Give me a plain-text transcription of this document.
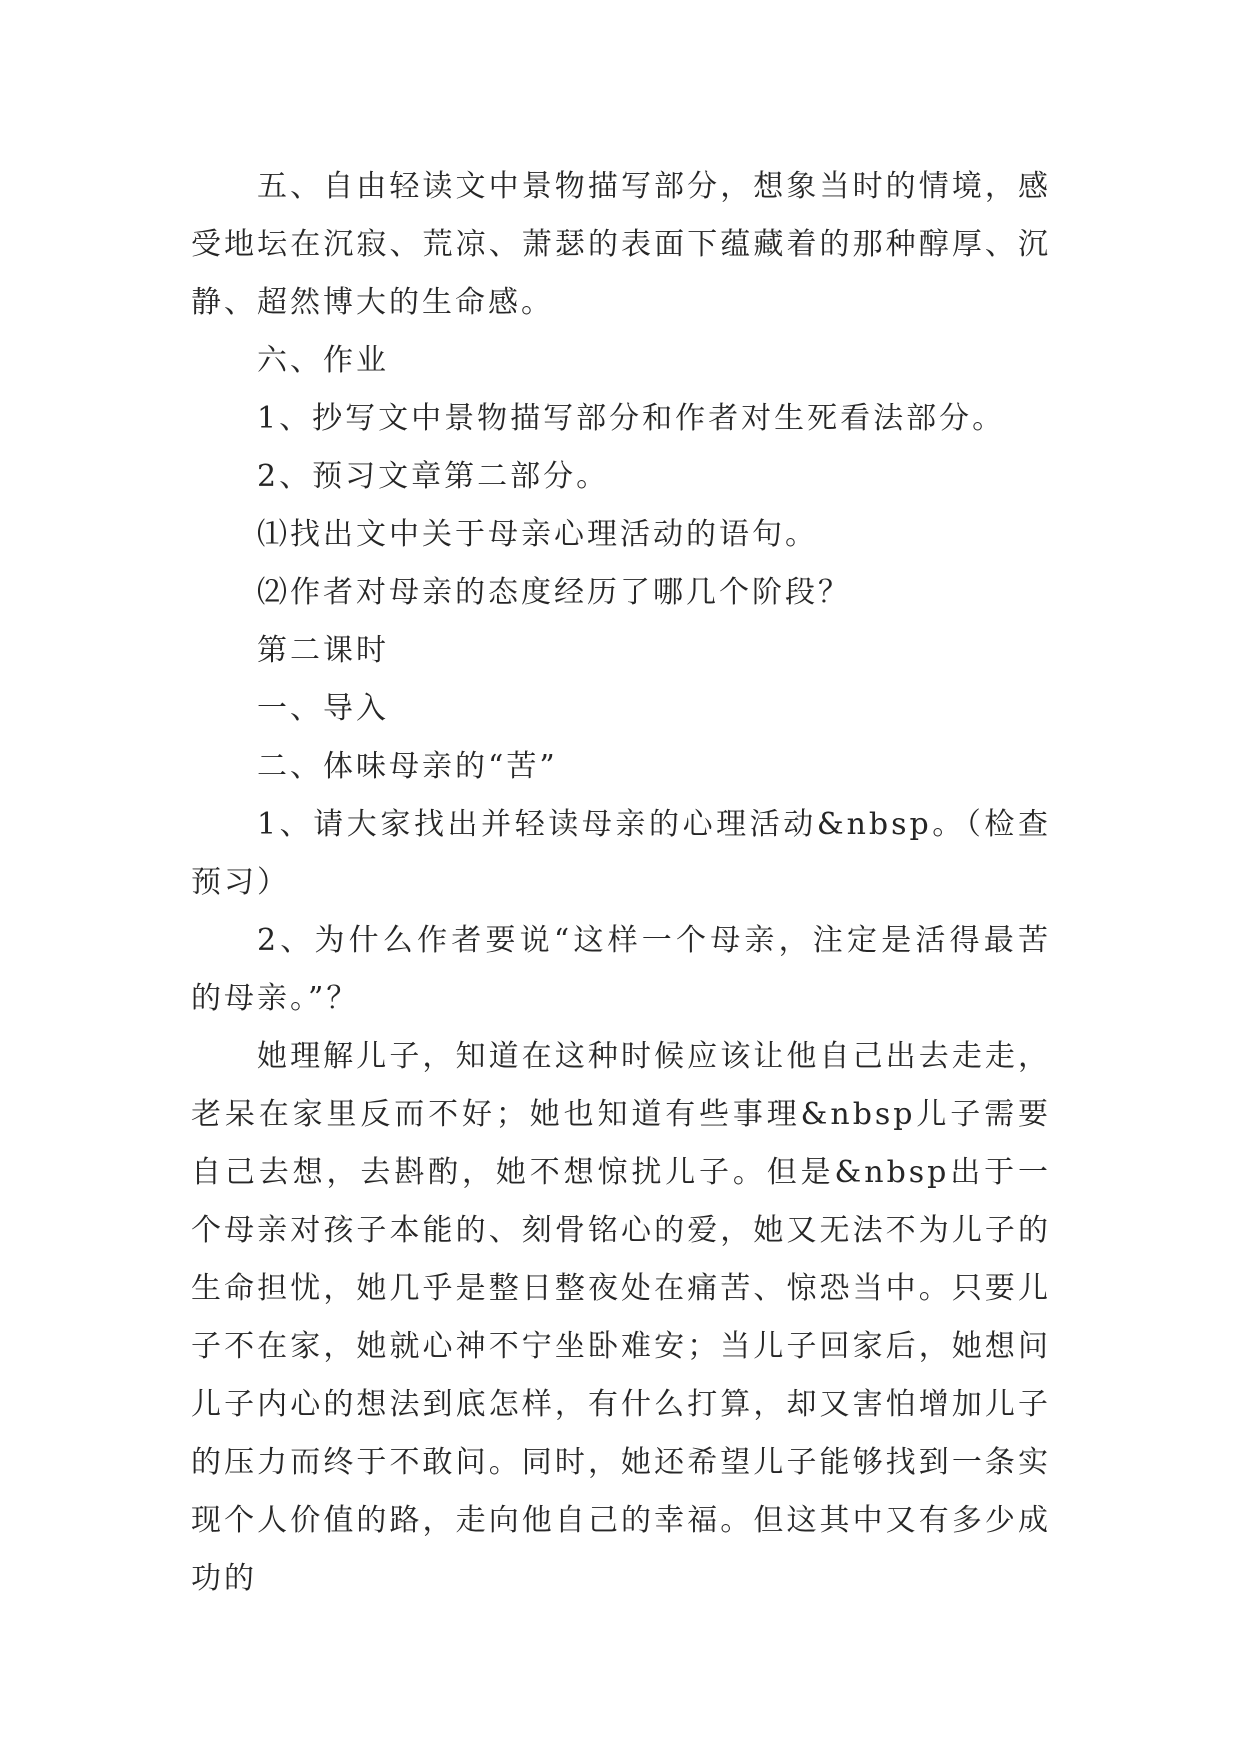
五、自由轻读文中景物描写部分，想象当时的情境，感受地坛在沉寂、荒凉、萧瑟的表面下蕴藏着的那种醇厚、沉静、超然博大的生命感。

六、作业

1、抄写文中景物描写部分和作者对生死看法部分。

2、预习文章第二部分。

⑴找出文中关于母亲心理活动的语句。

⑵作者对母亲的态度经历了哪几个阶段？

第二课时

一、导入

二、体味母亲的“苦”

1、请大家找出并轻读母亲的心理活动&nbsp。（检查预习）

2、为什么作者要说“这样一个母亲，注定是活得最苦的母亲。”？

她理解儿子，知道在这种时候应该让他自己出去走走，老呆在家里反而不好；她也知道有些事理&nbsp儿子需要自己去想，去斟酌，她不想惊扰儿子。但是&nbsp出于一个母亲对孩子本能的、刻骨铭心的爱，她又无法不为儿子的生命担忧，她几乎是整日整夜处在痛苦、惊恐当中。只要儿子不在家，她就心神不宁坐卧难安；当儿子回家后，她想问儿子内心的想法到底怎样，有什么打算，却又害怕增加儿子的压力而终于不敢问。同时，她还希望儿子能够找到一条实现个人价值的路，走向他自己的幸福。但这其中又有多少成功的
